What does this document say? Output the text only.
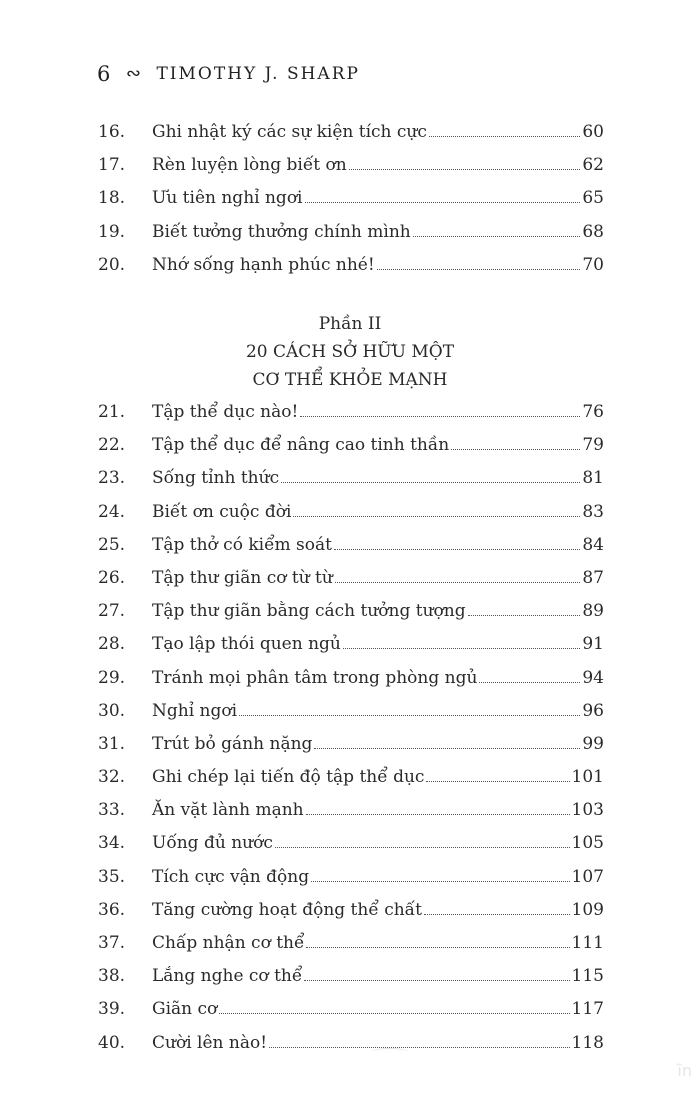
6 ∾ TIMOTHY J. SHARP
16.	Ghi nhật ký các sự kiện tích cực	60
17.	Rèn luyện lòng biết ơn	62
18.	Ưu tiên nghỉ ngơi	65
19.	Biết tưởng thưởng chính mình	68
20.	Nhớ sống hạnh phúc nhé!	70
Phần II
20 CÁCH SỞ HỮU MỘT
CƠ THỂ KHỎE MẠNH
21.	Tập thể dục nào!	76
22.	Tập thể dục để nâng cao tinh thần	79
23.	Sống tỉnh thức	81
24.	Biết ơn cuộc đời	83
25.	Tập thở có kiểm soát	84
26.	Tập thư giãn cơ từ từ	87
27.	Tập thư giãn bằng cách tưởng tượng	89
28.	Tạo lập thói quen ngủ	91
29.	Tránh mọi phân tâm trong phòng ngủ	94
30.	Nghỉ ngơi	96
31.	Trút bỏ gánh nặng	99
32.	Ghi chép lại tiến độ tập thể dục	101
33.	Ăn vặt lành mạnh	103
34.	Uống đủ nước	105
35.	Tích cực vận động	107
36.	Tăng cường hoạt động thể chất	109
37.	Chấp nhận cơ thể	111
38.	Lắng nghe cơ thể	115
39.	Giãn cơ	117
40.	Cười lên nào!	118
ĩn
